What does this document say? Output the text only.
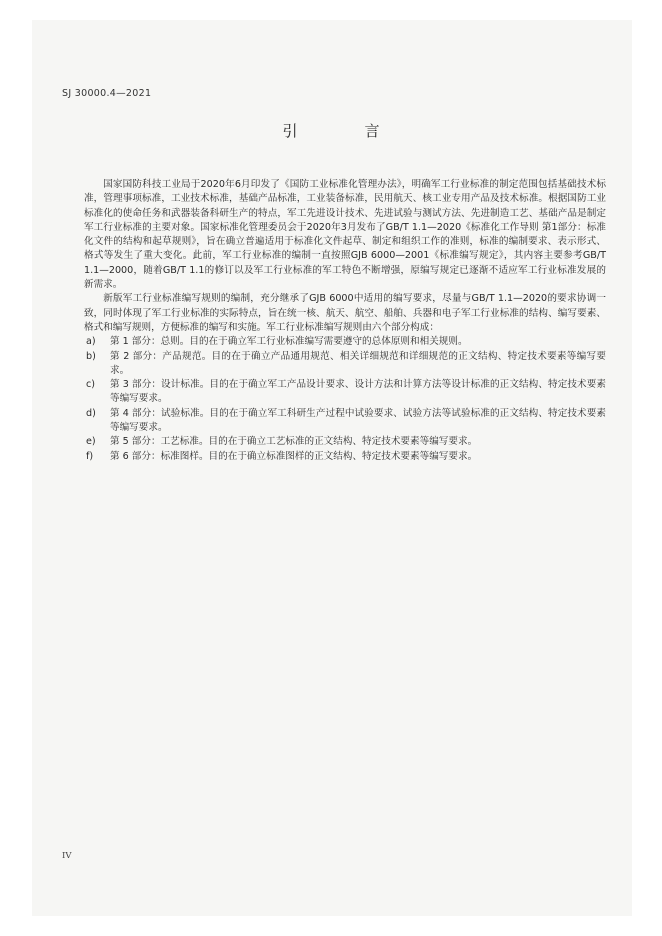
SJ 30000.4—2021
引　言

国家国防科技工业局于2020年6月印发了《国防工业标准化管理办法》，明确军工行业标准的制定范围包括基础技术标准，管理事项标准，工业技术标准，基础产品标准，工业装备标准，民用航天、核工业专用产品及技术标准。根据国防工业标准化的使命任务和武器装备科研生产的特点，军工先进设计技术、先进试验与测试方法、先进制造工艺、基础产品是制定军工行业标准的主要对象。国家标准化管理委员会于2020年3月发布了GB/T 1.1—2020《标准化工作导则 第1部分：标准化文件的结构和起草规则》，旨在确立普遍适用于标准化文件起草、制定和组织工作的准则，标准的编制要求、表示形式、格式等发生了重大变化。此前，军工行业标准的编制一直按照GJB 6000—2001《标准编写规定》，其内容主要参考GB/T 1.1—2000，随着GB/T 1.1的修订以及军工行业标准的军工特色不断增强，原编写规定已逐渐不适应军工行业标准发展的新需求。

新版军工行业标准编写规则的编制，充分继承了GJB 6000中适用的编写要求，尽量与GB/T 1.1—2020的要求协调一致，同时体现了军工行业标准的实际特点，旨在统一核、航天、航空、船舶、兵器和电子军工行业标准的结构、编写要素、格式和编写规则，方便标准的编写和实施。军工行业标准编写规则由六个部分构成：

a)	第 1 部分：总则。目的在于确立军工行业标准编写需要遵守的总体原则和相关规则。
b)	第 2 部分：产品规范。目的在于确立产品通用规范、相关详细规范和详细规范的正文结构、特定技术要素等编写要求。
c)	第 3 部分：设计标准。目的在于确立军工产品设计要求、设计方法和计算方法等设计标准的正文结构、特定技术要素等编写要求。
d)	第 4 部分：试验标准。目的在于确立军工科研生产过程中试验要求、试验方法等试验标准的正文结构、特定技术要素等编写要求。
e)	第 5 部分：工艺标准。目的在于确立工艺标准的正文结构、特定技术要素等编写要求。
f)	第 6 部分：标准图样。目的在于确立标准图样的正文结构、特定技术要素等编写要求。
IV
